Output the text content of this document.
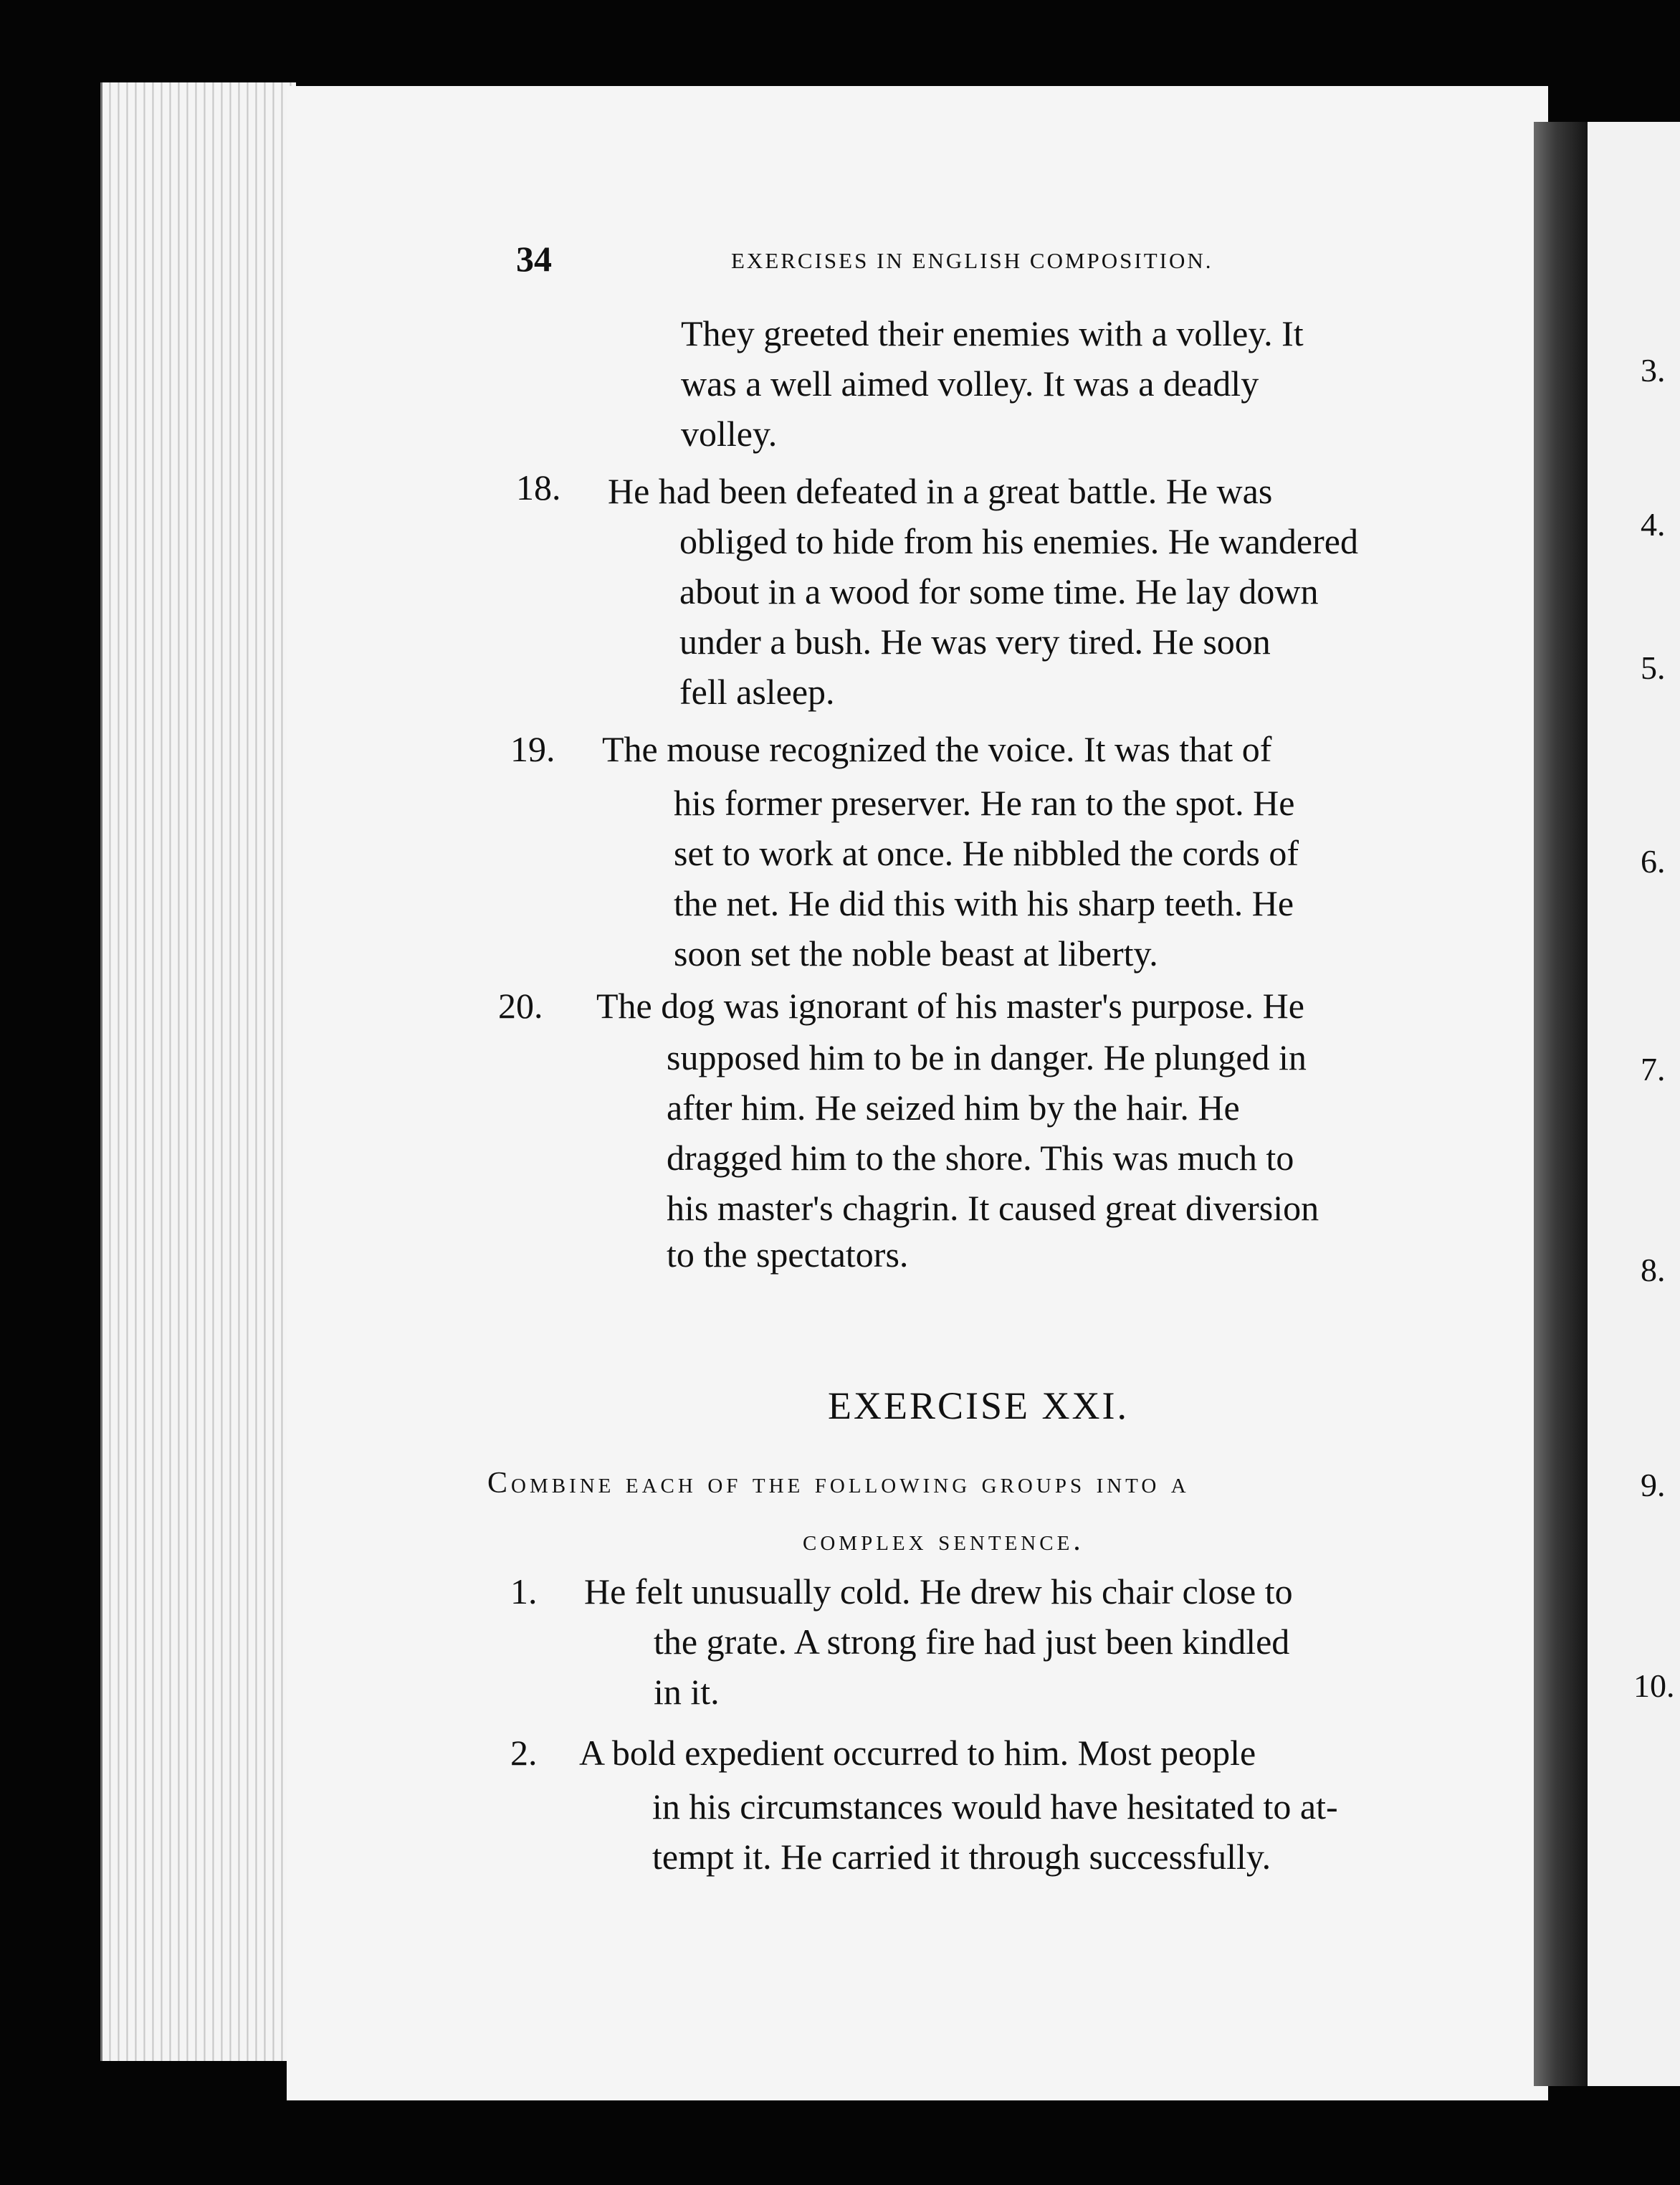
3.
4.
5.
6.
7.
8.
9.
10.
34	EXERCISES IN ENGLISH COMPOSITION.
They greeted their enemies with a volley. It
was a well aimed volley. It was a deadly
volley.
18. He had been defeated in a great battle. He was
obliged to hide from his enemies. He wandered
about in a wood for some time. He lay down
under a bush. He was very tired. He soon
fell asleep.
19. The mouse recognized the voice. It was that of
his former preserver. He ran to the spot. He
set to work at once. He nibbled the cords of
the net. He did this with his sharp teeth. He
soon set the noble beast at liberty.
20. The dog was ignorant of his master's purpose. He
supposed him to be in danger. He plunged in
after him. He seized him by the hair. He
dragged him to the shore. This was much to
his master's chagrin. It caused great diversion
to the spectators.
EXERCISE XXI.
Combine each of the following groups into a
complex sentence.
1. He felt unusually cold. He drew his chair close to
the grate. A strong fire had just been kindled
in it.
2. A bold expedient occurred to him. Most people
in his circumstances would have hesitated to at-
tempt it. He carried it through successfully.
